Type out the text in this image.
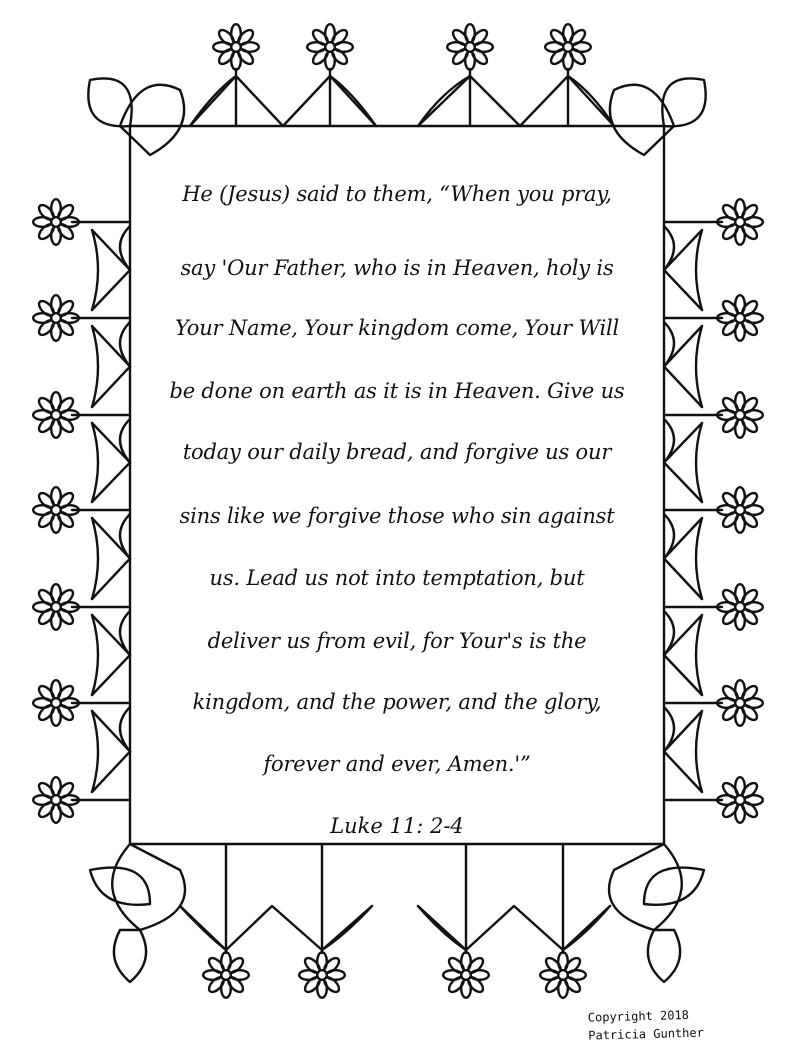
He (Jesus) said to them, “When you pray,
say 'Our Father, who is in Heaven, holy is
Your Name, Your kingdom come, Your Will
be done on earth as it is in Heaven. Give us
today our daily bread, and forgive us our
sins like we forgive those who sin against
us. Lead us not into temptation, but
deliver us from evil, for Your's is the
kingdom, and the power, and the glory,
forever and ever, Amen.'”
Luke 11: 2-4
Copyright 2018
Patricia Gunther
